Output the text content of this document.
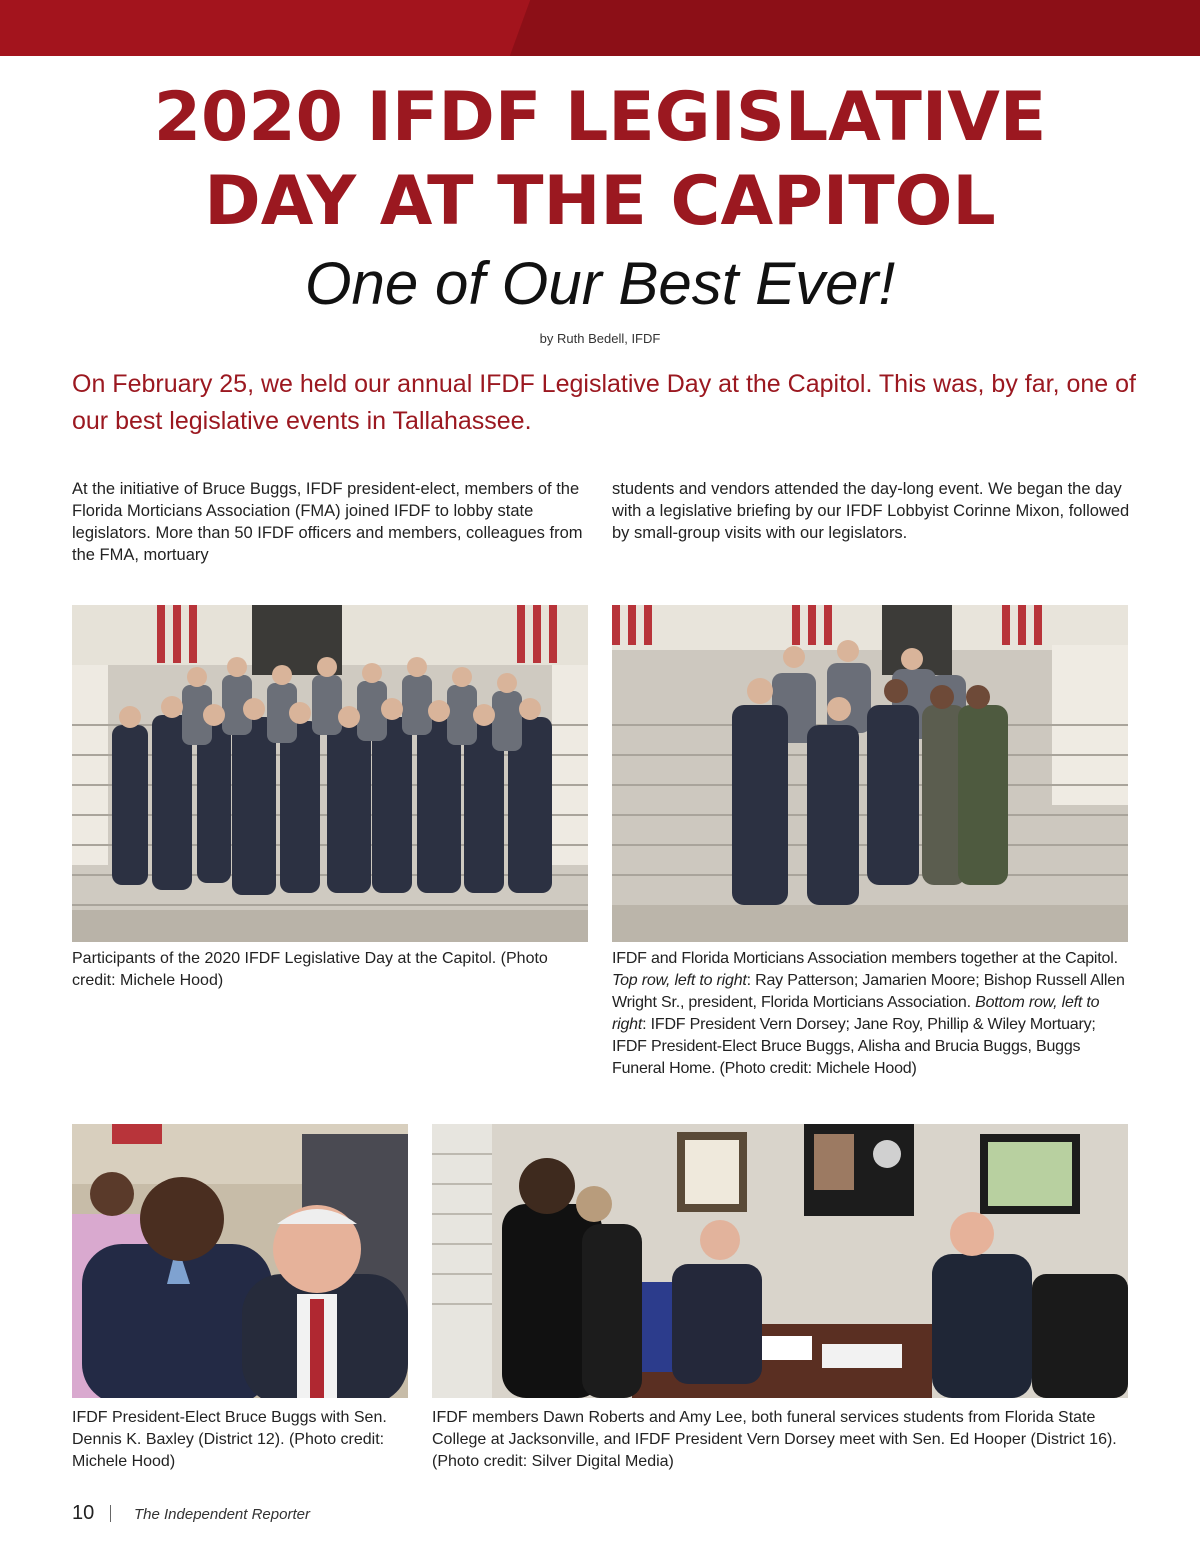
2020 IFDF LEGISLATIVE
DAY AT THE CAPITOL
One of Our Best Ever!
by Ruth Bedell, IFDF
On February 25, we held our annual IFDF Legislative Day at the Capitol. This was, by far, one of our best legislative events in Tallahassee.
At the initiative of Bruce Buggs, IFDF president-elect, members of the Florida Morticians Association (FMA) joined IFDF to lobby state legislators. More than 50 IFDF officers and members, colleagues from the FMA, mortuary
students and vendors attended the day-long event. We began the day with a legislative briefing by our IFDF Lobbyist Corinne Mixon, followed by small-group visits with our legislators.
Participants of the 2020 IFDF Legislative Day at the Capitol. (Photo credit: Michele Hood)
IFDF and Florida Morticians Association members together at the Capitol. Top row, left to right: Ray Patterson; Jamarien Moore; Bishop Russell Allen Wright Sr., president, Florida Morticians Association. Bottom row, left to right: IFDF President Vern Dorsey; Jane Roy, Phillip & Wiley Mortuary; IFDF President-Elect Bruce Buggs, Alisha and Brucia Buggs, Buggs Funeral Home. (Photo credit: Michele Hood)
IFDF President-Elect Bruce Buggs with Sen. Dennis K. Baxley (District 12). (Photo credit: Michele Hood)
IFDF members Dawn Roberts and Amy Lee, both funeral services students from Florida State College at Jacksonville, and IFDF President Vern Dorsey meet with Sen. Ed Hooper (District 16). (Photo credit: Silver Digital Media)
10	The Independent Reporter
